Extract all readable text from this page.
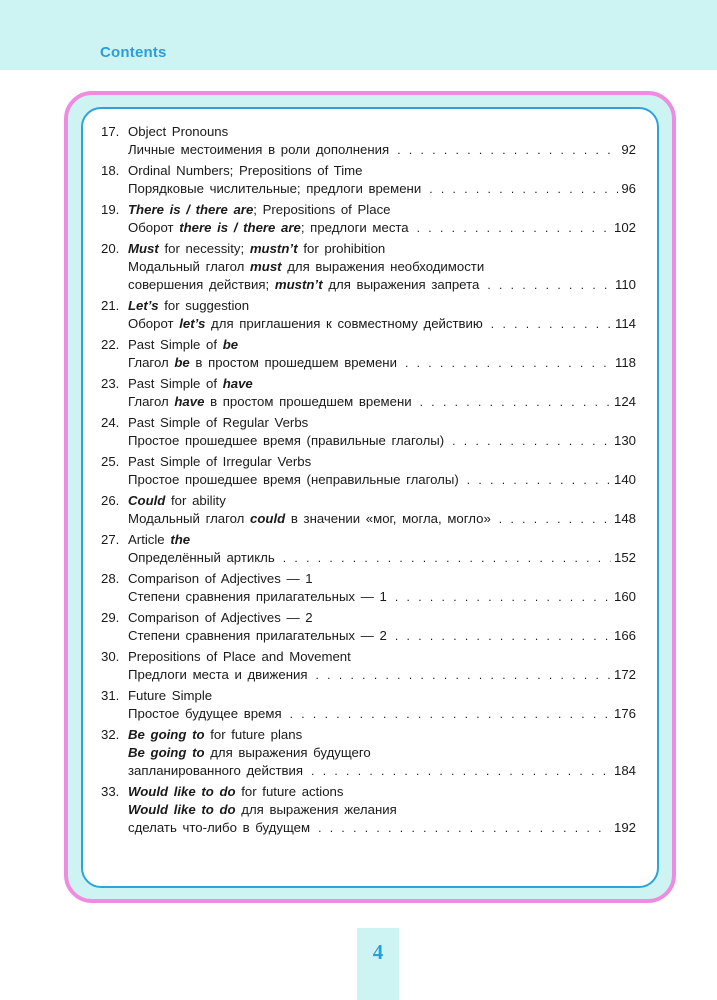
Contents
17. Object Pronouns
Личные местоимения в роли дополнения . . .	92
18. Ordinal Numbers; Prepositions of Time
Порядковые числительные; предлоги времени . . .	96
19. There is / there are; Prepositions of Place
Оборот there is / there are; предлоги места . . .	102
20. Must for necessity; mustn’t for prohibition
Модальный глагол must для выражения необходимости
совершения действия; mustn’t для выражения запрета . . .	110
21. Let’s for suggestion
Оборот let’s для приглашения к совместному действию . . .	114
22. Past Simple of be
Глагол be в простом прошедшем времени . . .	118
23. Past Simple of have
Глагол have в простом прошедшем времени . . .	124
24. Past Simple of Regular Verbs
Простое прошедшее время (правильные глаголы) . . .	130
25. Past Simple of Irregular Verbs
Простое прошедшее время (неправильные глаголы) . . .	140
26. Could for ability
Модальный глагол could в значении «мог, могла, могло» . . .	148
27. Article the
Определённый артикль . . .	152
28. Comparison of Adjectives — 1
Степени сравнения прилагательных — 1 . . .	160
29. Comparison of Adjectives — 2
Степени сравнения прилагательных — 2 . . .	166
30. Prepositions of Place and Movement
Предлоги места и движения . . .	172
31. Future Simple
Простое будущее время . . .	176
32. Be going to for future plans
Be going to для выражения будущего
запланированного действия . . .	184
33. Would like to do for future actions
Would like to do для выражения желания
сделать что-либо в будущем . . .	192
4
